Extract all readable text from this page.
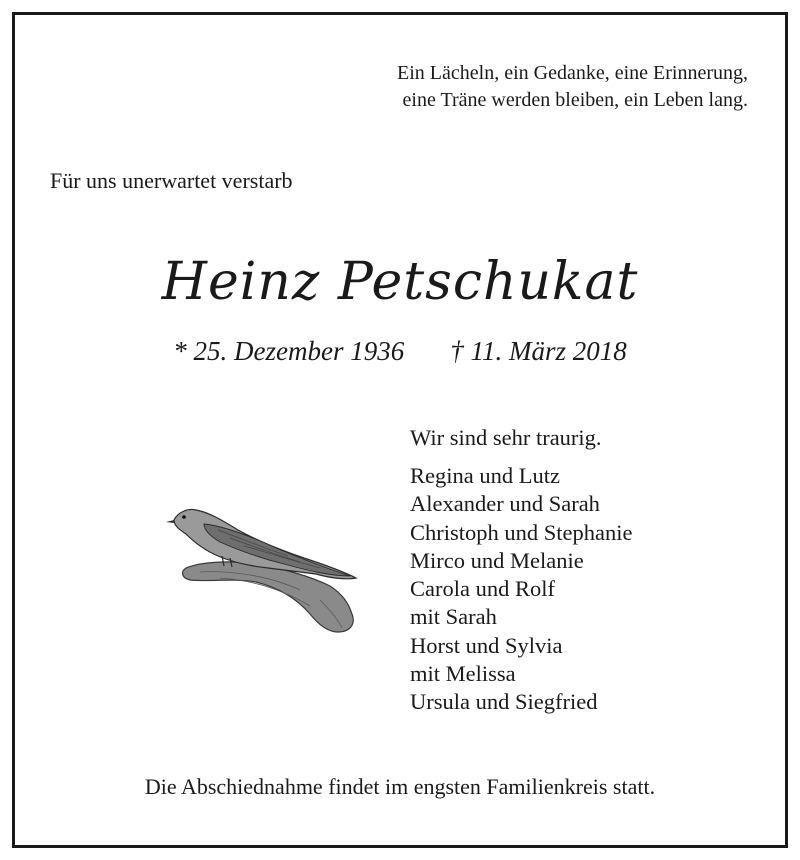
Ein Lächeln, ein Gedanke, eine Erinnerung,
eine Träne werden bleiben, ein Leben lang.
Für uns unerwartet verstarb
Heinz Petschukat
* 25. Dezember 1936 † 11. März 2018
Wir sind sehr traurig.
Regina und Lutz
Alexander und Sarah
Christoph und Stephanie
Mirco und Melanie
Carola und Rolf
mit Sarah
Horst und Sylvia
mit Melissa
Ursula und Siegfried
Die Abschiednahme findet im engsten Familienkreis statt.
